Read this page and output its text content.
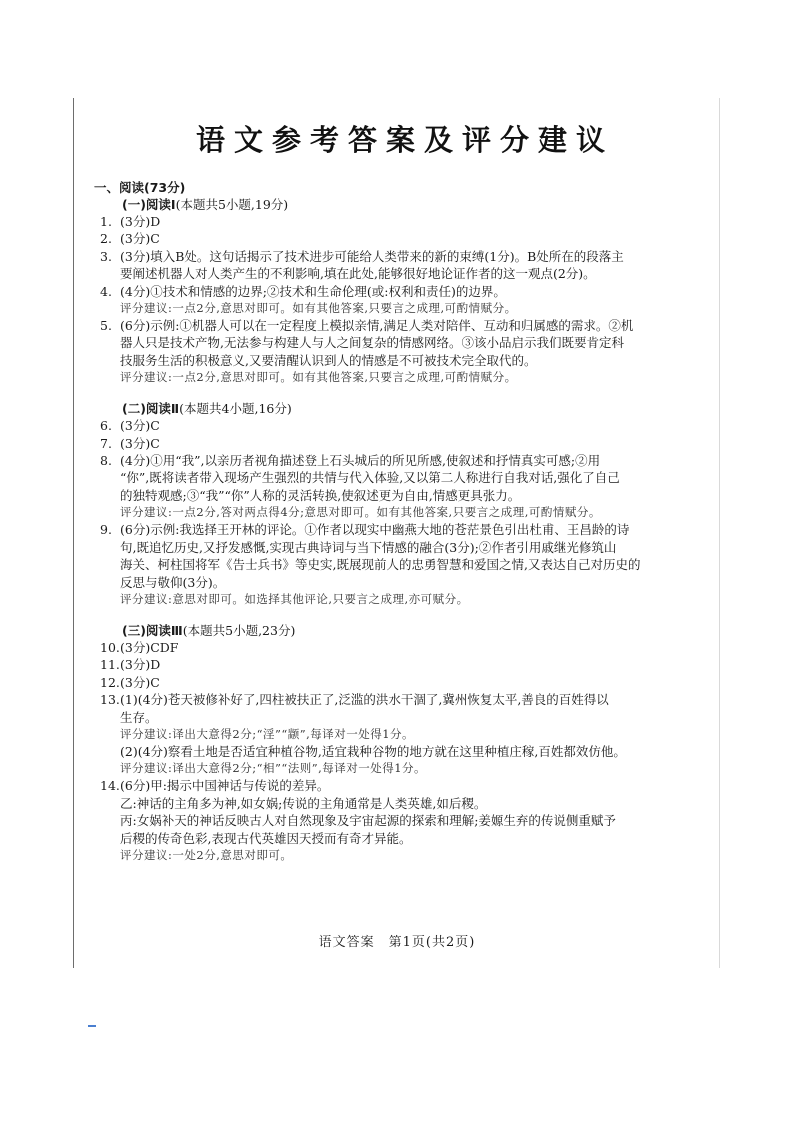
语文参考答案及评分建议
一、阅读(73分)
(一)阅读Ⅰ(本题共5小题,19分)
1. (3分)D
2. (3分)C
3. (3分)填入B处。这句话揭示了技术进步可能给人类带来的新的束缚(1分)。B处所在的段落主
要阐述机器人对人类产生的不利影响,填在此处,能够很好地论证作者的这一观点(2分)。
4. (4分)①技术和情感的边界;②技术和生命伦理(或:权利和责任)的边界。
评分建议:一点2分,意思对即可。如有其他答案,只要言之成理,可酌情赋分。
5. (6分)示例:①机器人可以在一定程度上模拟亲情,满足人类对陪伴、互动和归属感的需求。②机
器人只是技术产物,无法参与构建人与人之间复杂的情感网络。③该小品启示我们既要肯定科
技服务生活的积极意义,又要清醒认识到人的情感是不可被技术完全取代的。
评分建议:一点2分,意思对即可。如有其他答案,只要言之成理,可酌情赋分。
(二)阅读Ⅱ(本题共4小题,16分)
6. (3分)C
7. (3分)C
8. (4分)①用“我”,以亲历者视角描述登上石头城后的所见所感,使叙述和抒情真实可感;②用
“你”,既将读者带入现场产生强烈的共情与代入体验,又以第二人称进行自我对话,强化了自己
的独特观感;③“我”“你”人称的灵活转换,使叙述更为自由,情感更具张力。
评分建议:一点2分,答对两点得4分;意思对即可。如有其他答案,只要言之成理,可酌情赋分。
9. (6分)示例:我选择王开林的评论。①作者以现实中幽燕大地的苍茫景色引出杜甫、王昌龄的诗
句,既追忆历史,又抒发感慨,实现古典诗词与当下情感的融合(3分);②作者引用戚继光修筑山
海关、柯柱国将军《告士兵书》等史实,既展现前人的忠勇智慧和爱国之情,又表达自己对历史的
反思与敬仰(3分)。
评分建议:意思对即可。如选择其他评论,只要言之成理,亦可赋分。
(三)阅读Ⅲ(本题共5小题,23分)
10.(3分)CDF
11.(3分)D
12.(3分)C
13.(1)(4分)苍天被修补好了,四柱被扶正了,泛滥的洪水干涸了,冀州恢复太平,善良的百姓得以
生存。
评分建议:译出大意得2分;“淫”“颛”,每译对一处得1分。
(2)(4分)察看土地是否适宜种植谷物,适宜栽种谷物的地方就在这里种植庄稼,百姓都效仿他。
评分建议:译出大意得2分;“相”“法则”,每译对一处得1分。
14.(6分)甲:揭示中国神话与传说的差异。
乙:神话的主角多为神,如女娲;传说的主角通常是人类英雄,如后稷。
丙:女娲补天的神话反映古人对自然现象及宇宙起源的探索和理解;姜嫄生弃的传说侧重赋予
后稷的传奇色彩,表现古代英雄因天授而有奇才异能。
评分建议:一处2分,意思对即可。
语文答案　第1页(共2页)
